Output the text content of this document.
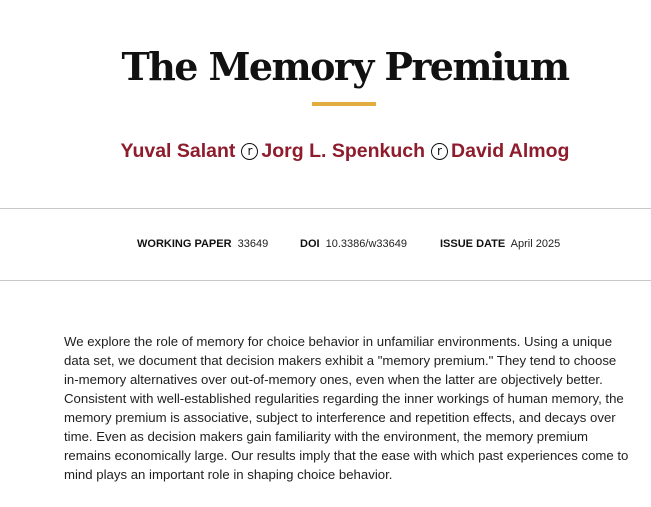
The Memory Premium
Yuval Salant r Jorg L. Spenkuch r David Almog
WORKING PAPER 33649	DOI 10.3386/w33649	ISSUE DATE April 2025

We explore the role of memory for choice behavior in unfamiliar environments. Using a unique data set, we document that decision makers exhibit a "memory premium." They tend to choose in-memory alternatives over out-of-memory ones, even when the latter are objectively better. Consistent with well-established regularities regarding the inner workings of human memory, the memory premium is associative, subject to interference and repetition effects, and decays over time. Even as decision makers gain familiarity with the environment, the memory premium remains economically large. Our results imply that the ease with which past experiences come to mind plays an important role in shaping choice behavior.
